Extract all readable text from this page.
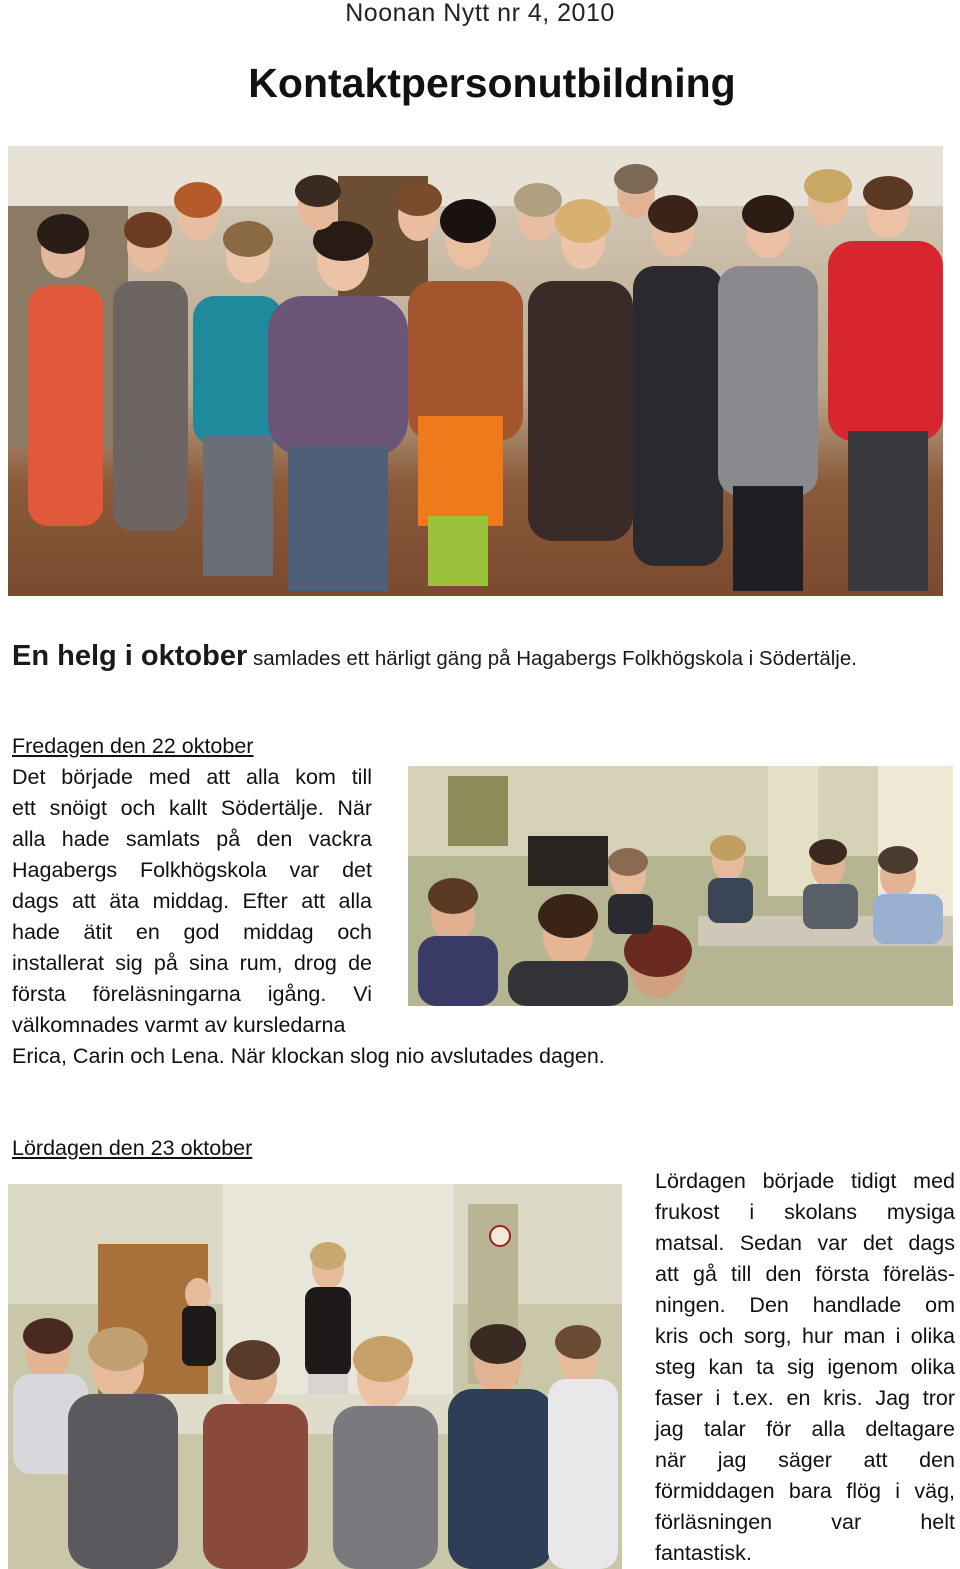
Noonan Nytt nr 4, 2010
Kontaktpersonutbildning
En helg i oktober samlades ett härligt gäng på Hagabergs Folkhögskola i Södertälje.
Fredagen den 22 oktober
Det började med att alla kom till
ett snöigt och kallt Södertälje. När
alla hade samlats på den vackra
Hagabergs Folkhögskola var det
dags att äta middag. Efter att alla
hade ätit en god middag och
installerat sig på sina rum, drog de
första föreläsningarna igång. Vi
välkomnades varmt av kursledarna
Erica, Carin och Lena. När klockan slog nio avslutades dagen.
Lördagen den 23 oktober
Lördagen började tidigt med
frukost i skolans mysiga
matsal. Sedan var det dags
att gå till den första föreläs-
ningen. Den handlade om
kris och sorg, hur man i olika
steg kan ta sig igenom olika
faser i t.ex. en kris. Jag tror
jag talar för alla deltagare
när jag säger att den
förmiddagen bara flög i väg,
förläsningen var helt
fantastisk.
